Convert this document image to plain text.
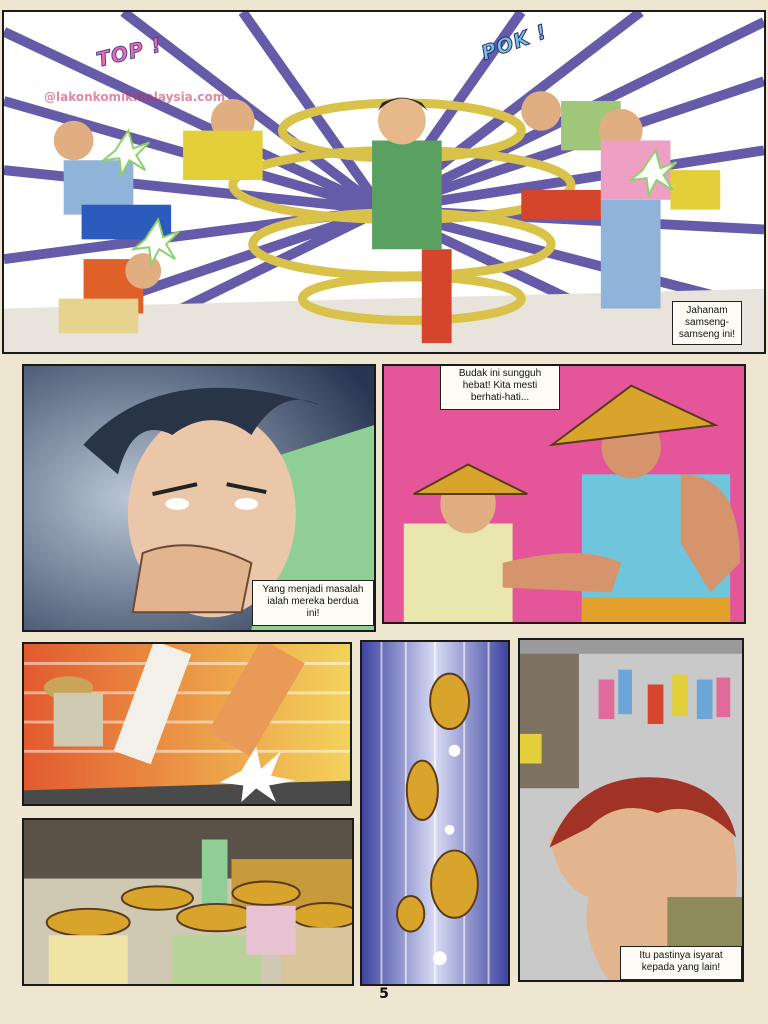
TOP !	POK !
@lakonkomikmalaysia.com
Jahanam
samseng-
samseng ini!
Yang menjadi masalah
ialah mereka berdua
ini!
Budak ini sungguh
hebat! Kita mesti
berhati-hati...
Itu pastinya isyarat
kepada yang lain!
5
